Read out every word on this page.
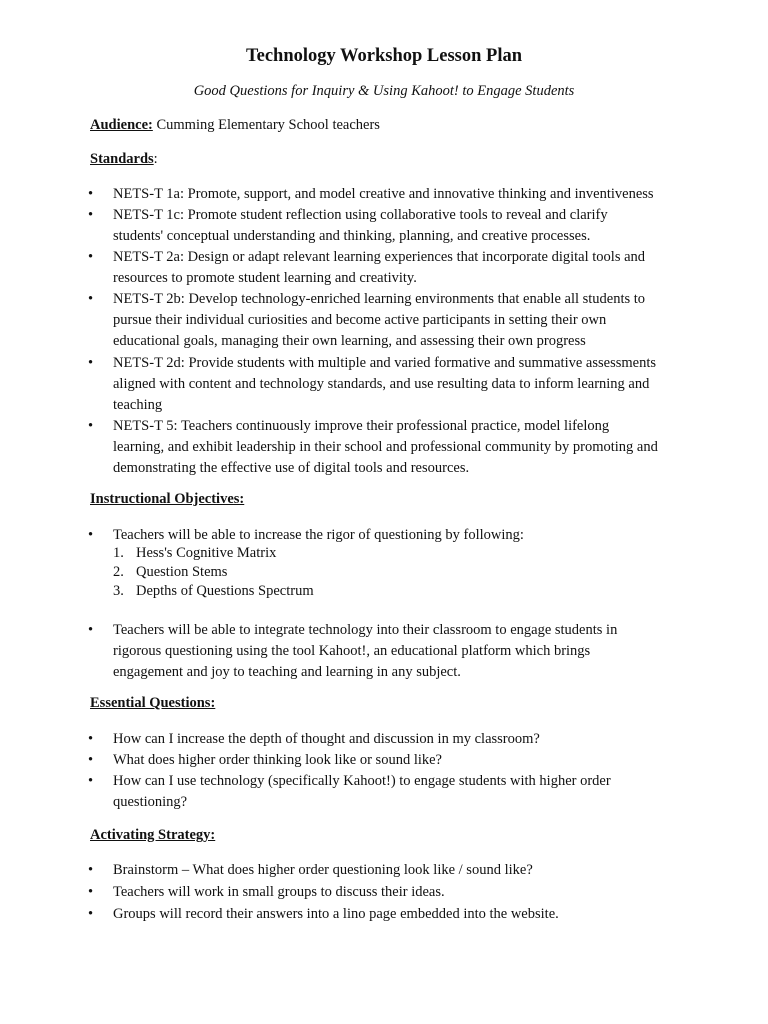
Technology Workshop Lesson Plan
Good Questions for Inquiry & Using Kahoot! to Engage Students
Audience: Cumming Elementary School teachers
Standards:
• NETS-T 1a: Promote, support, and model creative and innovative thinking and inventiveness
• NETS-T 1c: Promote student reflection using collaborative tools to reveal and clarify students' conceptual understanding and thinking, planning, and creative processes.
• NETS-T 2a: Design or adapt relevant learning experiences that incorporate digital tools and resources to promote student learning and creativity.
• NETS-T 2b: Develop technology-enriched learning environments that enable all students to pursue their individual curiosities and become active participants in setting their own educational goals, managing their own learning, and assessing their own progress
• NETS-T 2d: Provide students with multiple and varied formative and summative assessments aligned with content and technology standards, and use resulting data to inform learning and teaching
• NETS-T 5: Teachers continuously improve their professional practice, model lifelong learning, and exhibit leadership in their school and professional community by promoting and demonstrating the effective use of digital tools and resources.
Instructional Objectives:
• Teachers will be able to increase the rigor of questioning by following:
1. Hess's Cognitive Matrix
2. Question Stems
3. Depths of Questions Spectrum
• Teachers will be able to integrate technology into their classroom to engage students in rigorous questioning using the tool Kahoot!, an educational platform which brings engagement and joy to teaching and learning in any subject.
Essential Questions:
• How can I increase the depth of thought and discussion in my classroom?
• What does higher order thinking look like or sound like?
• How can I use technology (specifically Kahoot!) to engage students with higher order questioning?
Activating Strategy:
• Brainstorm – What does higher order questioning look like / sound like?
• Teachers will work in small groups to discuss their ideas.
• Groups will record their answers into a lino page embedded into the website.
